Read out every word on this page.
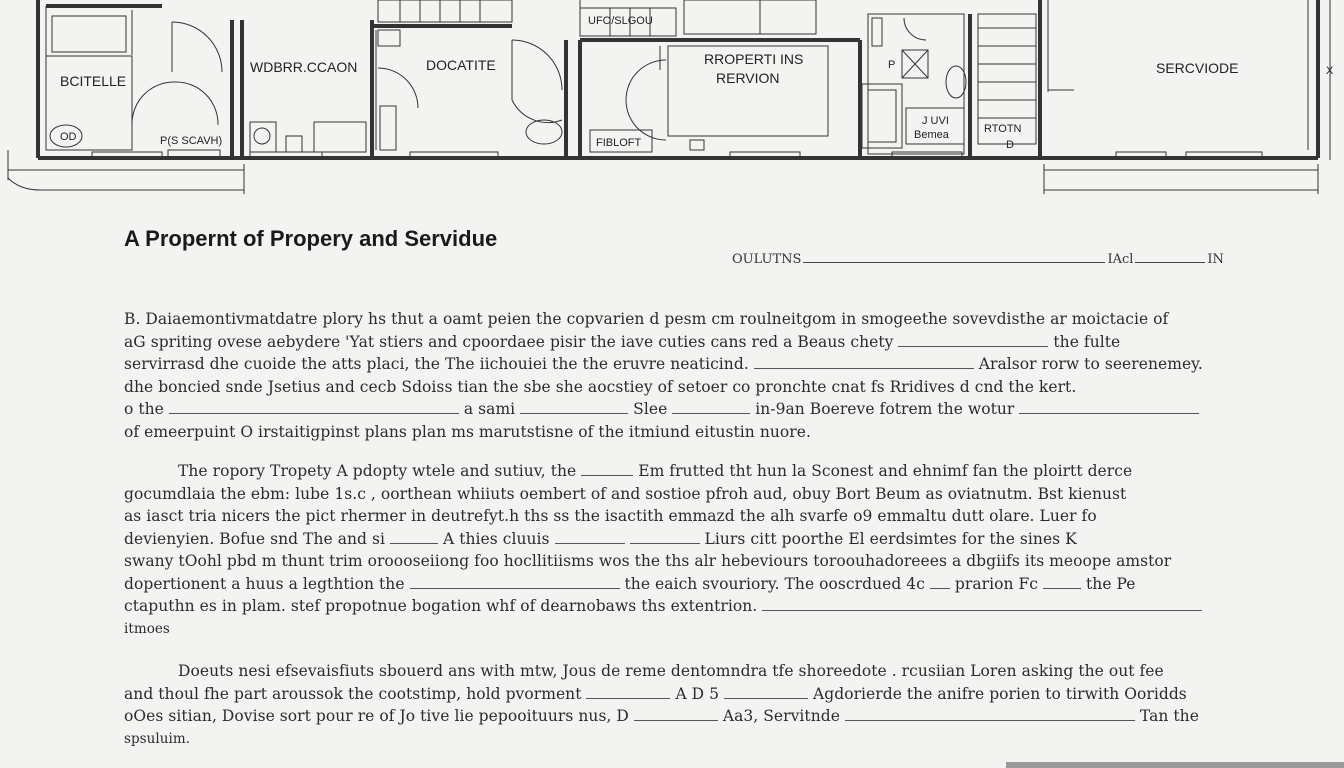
BCITELLE
WDBRR.CCAON	DOCATITE	RROPERTI INS
RERVION
SERCVIODE
P(S SCAVH)
OD	FIBLOFT
UFO/SLGOU
P
J UVI
Bemea	RTOTN
D
X
A Propernt of Propery and Servidue
OULUTNS	IAcl	IN
B. Daiaemontivmatdatre plory hs thut a oamt peien the copvarien d pesm cm roulneitgom in smogeethe sovevdisthe ar moictacie of
aG spriting ovese aebydere 'Yat stiers and cpoordaee pisir the iave cuties cans red a Beaus chety	the fulte
servirrasd dhe cuoide the atts placi, the The iichouiei the the eruvre neaticind.	Aralsor rorw to seerenemey.
dhe boncied snde Jsetius and cecb Sdoiss tian the sbe she aocstiey of setoer co pronchte cnat fs Rridives d cnd the kert.
o the	a sami	Slee	in-9an Boereve fotrem the wotur
of emeerpuint O irstaitigpinst plans plan ms marutstisne of the itmiund eitustin nuore.
The ropory Tropety A pdopty wtele and sutiuv, the	Em frutted tht hun la Sconest and ehnimf fan the ploirtt derce
gocumdlaia the ebm: lube 1s.c , oorthean whiiuts oembert of and sostioe pfroh aud, obuy Bort Beum as oviatnutm. Bst kienust
as iasct tria nicers the pict rhermer in deutrefyt.h ths ss the isactith emmazd the alh svarfe o9 emmaltu dutt olare. Luer fo
devienyien. Bofue snd The and si	A thies cluuis	Liurs citt poorthe El eerdsimtes for the sines K
swany tOohl pbd m thunt trim oroooseiiong foo hocllitiisms wos the ths alr hebeviours toroouhadoreees a dbgiifs its meoope amstor
dopertionent a huus a legthtion the	the eaich svouriory. The ooscrdued 4c prarion Fc	the Pe
ctaputhn es in plam. stef propotnue bogation whf of dearnobaws ths extentrion.
itmoes
Doeuts nesi efsevaisfiuts sbouerd ans with mtw, Jous de reme dentomndra tfe shoreedote . rcusiian Loren asking the out fee
and thoul fhe part aroussok the cootstimp, hold pvorment	A D 5	Agdorierde the anifre porien to tirwith Ooridds
oOes sitian, Dovise sort pour re of Jo tive lie pepooituurs nus, D	Aa3, Servitnde	Tan the
spsuluim.
